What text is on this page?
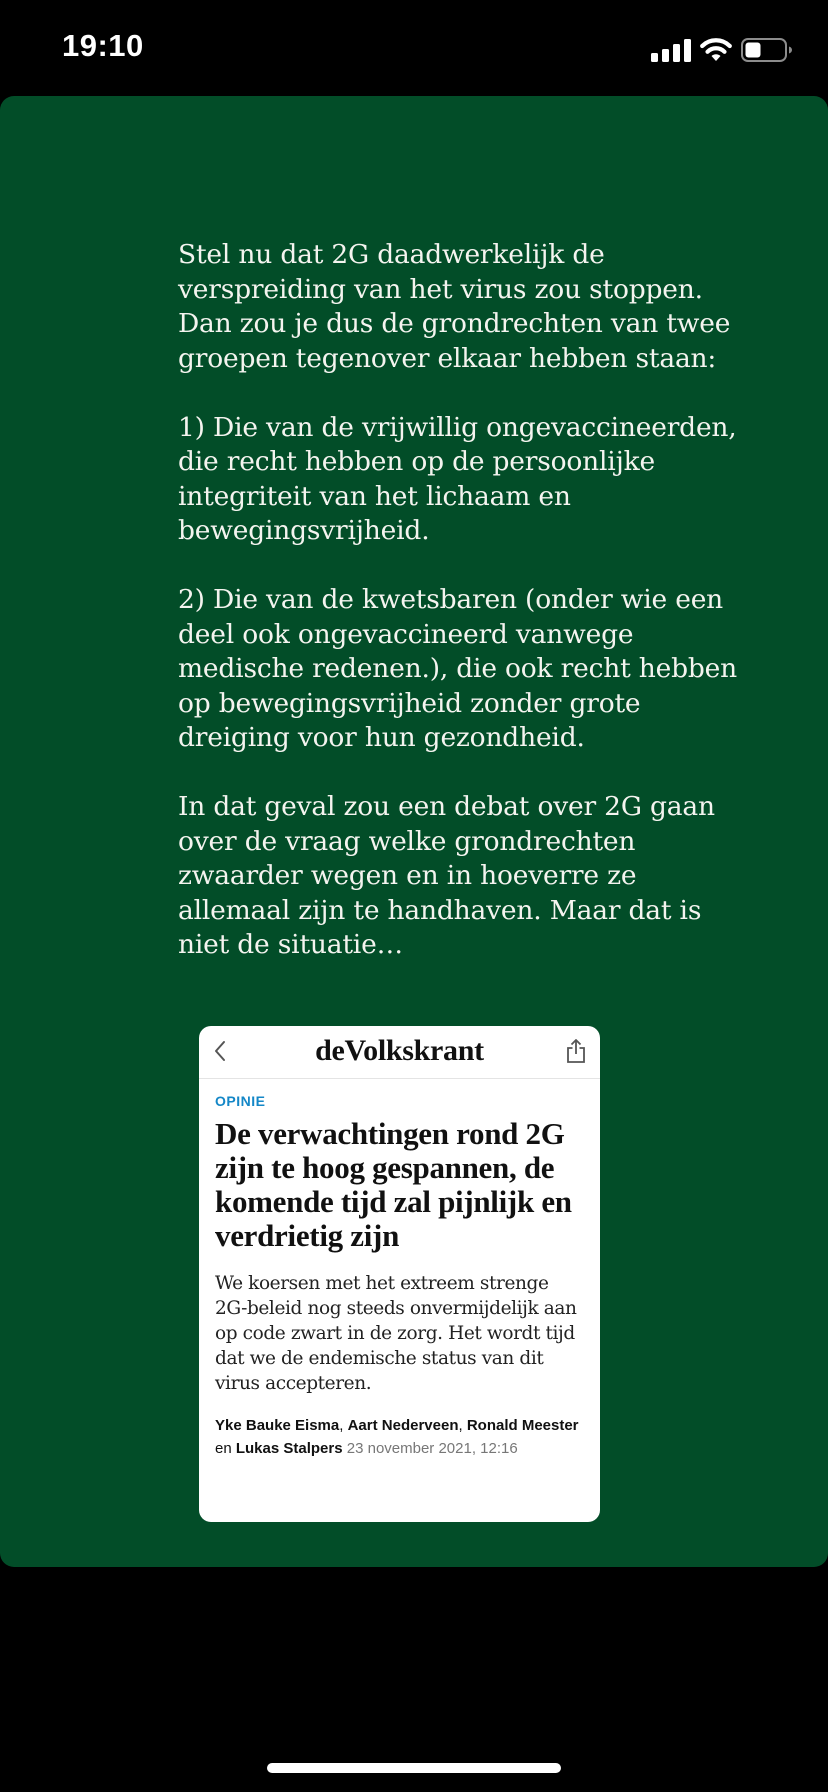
19:10

Stel nu dat 2G daadwerkelijk de verspreiding van het virus zou stoppen. Dan zou je dus de grondrechten van twee groepen tegenover elkaar hebben staan:

1) Die van de vrijwillig ongevaccineerden, die recht hebben op de persoonlijke integriteit van het lichaam en bewegingsvrijheid.

2) Die van de kwetsbaren (onder wie een deel ook ongevaccineerd vanwege medische redenen.), die ook recht hebben op bewegingsvrijheid zonder grote dreiging voor hun gezondheid.

In dat geval zou een debat over 2G gaan over de vraag welke grondrechten zwaarder wegen en in hoeverre ze allemaal zijn te handhaven. Maar dat is niet de situatie…

deVolkskrant
OPINIE
De verwachtingen rond 2G zijn te hoog gespannen, de komende tijd zal pijnlijk en verdrietig zijn
We koersen met het extreem strenge 2G-beleid nog steeds onvermijdelijk aan op code zwart in de zorg. Het wordt tijd dat we de endemische status van dit virus accepteren.
Yke Bauke Eisma, Aart Nederveen, Ronald Meester en Lukas Stalpers 23 november 2021, 12:16
